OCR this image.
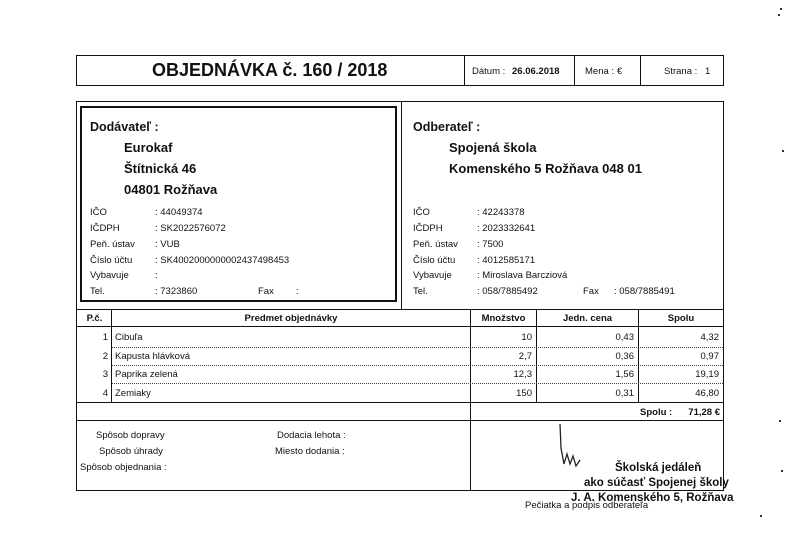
OBJEDNÁVKA č. 160 / 2018	Dátum : 26.06.2018	Mena : €	Strana : 1
Dodávateľ :
Eurokaf
Štítnická 46
04801 Rožňava
IČO	: 44049374
IČDPH	: SK2022576072
Peň. ústav : VUB
Číslo účtu : SK4002000000002437498453
Vybavuje	:
Tel.	: 7323860	Fax :
Odberateľ :
Spojená škola
Komenského 5 Rožňava 048 01
IČO	: 42243378
IČDPH	: 2023332641
Peň. ústav : 7500
Číslo účtu : 4012585171
Vybavuje	: Miroslava Barcziová
Tel.	: 058/7885492	Fax : 058/7885491
P.č.	Predmet objednávky	Množstvo	Jedn. cena	Spolu
1 Cibuľa	10	0,43	4,32
2 Kapusta hlávková	2,7	0,36	0,97
3 Paprika zelená	12,3	1,56	19,19
4 Zemiaky	150	0,31	46,80
Spolu :	71,28 €
Spôsob dopravy
Spôsob úhrady
Spôsob objednania :
Dodacia lehota :
Miesto dodania :
Školská jedáleň
ako súčasť Spojenej školy
J. A. Komenského 5, Rožňava
Pečiatka a podpis odberateľa
